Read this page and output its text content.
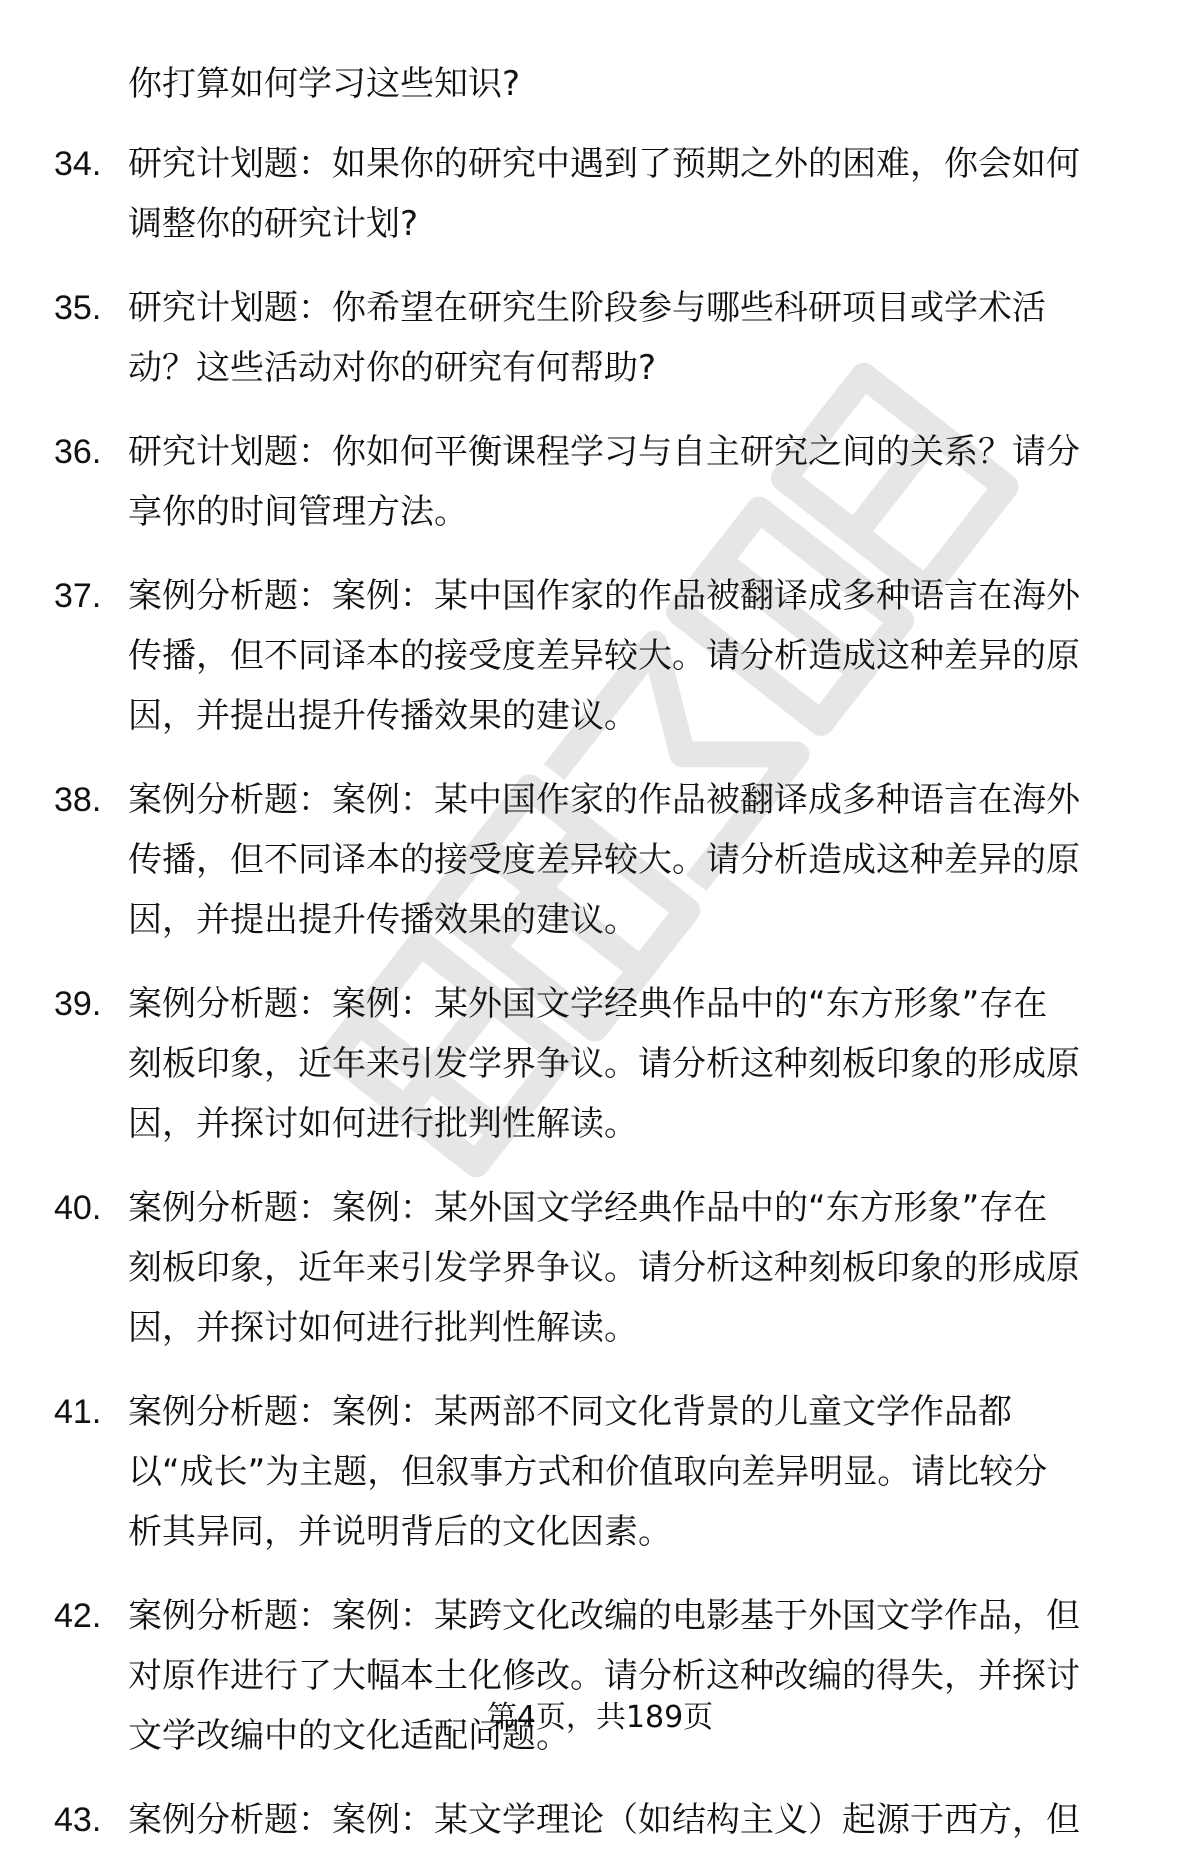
你打算如何学习这些知识?
34. 研究计划题：如果你的研究中遇到了预期之外的困难，你会如何
调整你的研究计划?
35. 研究计划题：你希望在研究生阶段参与哪些科研项目或学术活
动？这些活动对你的研究有何帮助?
36. 研究计划题：你如何平衡课程学习与自主研究之间的关系？请分
享你的时间管理方法。
37. 案例分析题：案例：某中国作家的作品被翻译成多种语言在海外
传播，但不同译本的接受度差异较大。请分析造成这种差异的原
因，并提出提升传播效果的建议。
38. 案例分析题：案例：某中国作家的作品被翻译成多种语言在海外
传播，但不同译本的接受度差异较大。请分析造成这种差异的原
因，并提出提升传播效果的建议。
39. 案例分析题：案例：某外国文学经典作品中的“东方形象”存在
刻板印象，近年来引发学界争议。请分析这种刻板印象的形成原
因，并探讨如何进行批判性解读。
40. 案例分析题：案例：某外国文学经典作品中的“东方形象”存在
刻板印象，近年来引发学界争议。请分析这种刻板印象的形成原
因，并探讨如何进行批判性解读。
41. 案例分析题：案例：某两部不同文化背景的儿童文学作品都
以“成长”为主题，但叙事方式和价值取向差异明显。请比较分
析其异同，并说明背后的文化因素。
42. 案例分析题：案例：某跨文化改编的电影基于外国文学作品，但
对原作进行了大幅本土化修改。请分析这种改编的得失，并探讨
文学改编中的文化适配问题。
43. 案例分析题：案例：某文学理论（如结构主义）起源于西方，但
第4页，共189页
